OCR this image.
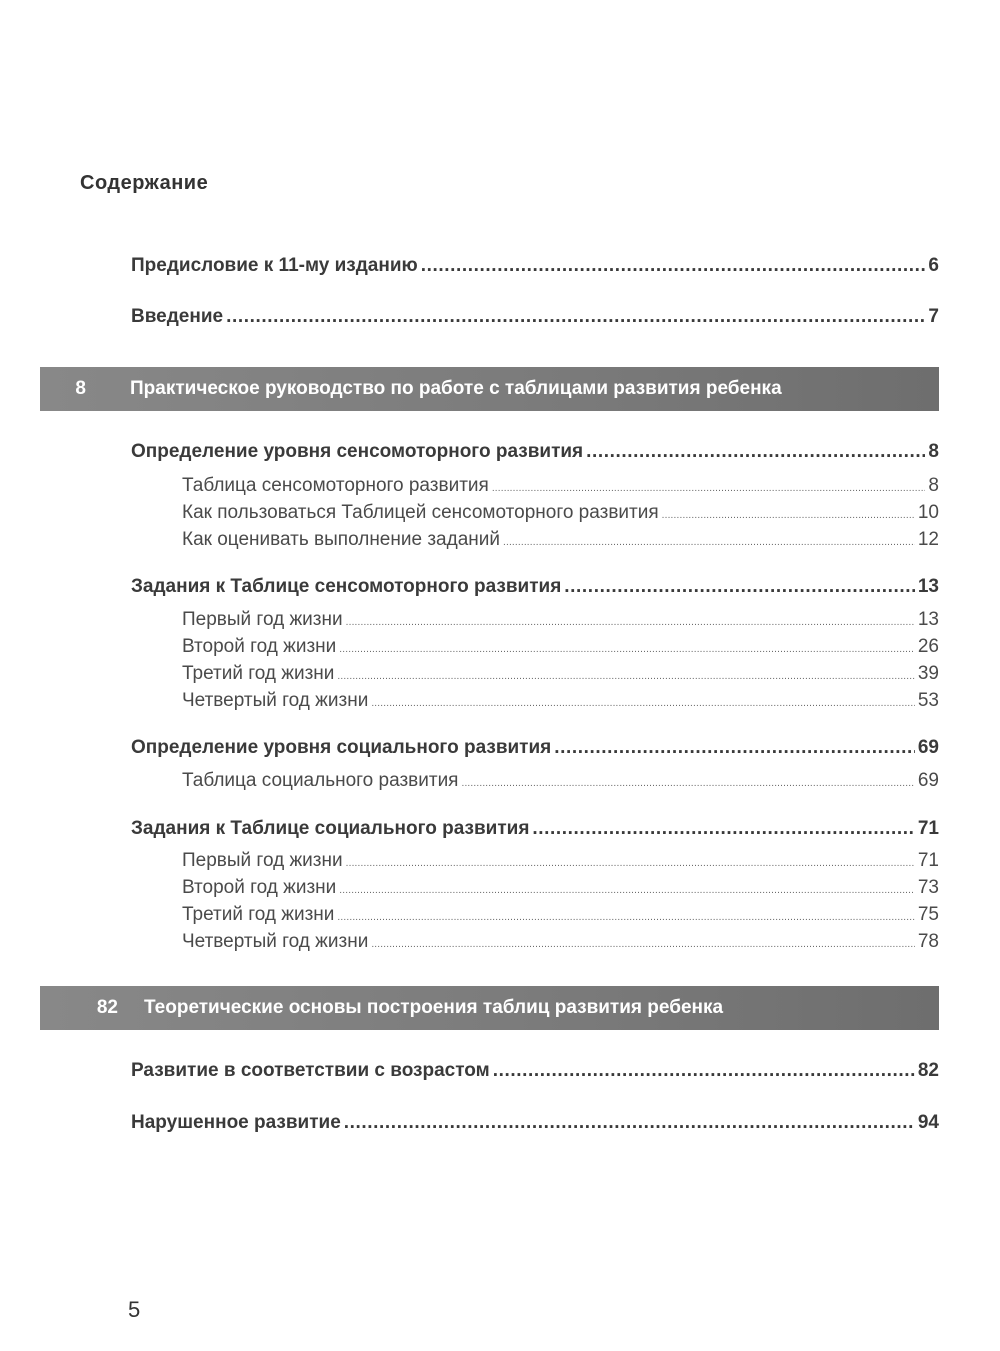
Содержание
Предисловие к 11-му изданию .....	6
Введение .....	7
8	Практическое руководство по работе с таблицами развития ребенка
Определение уровня сенсомоторного развития .....	8
Таблица сенсомоторного развития .....	8
Как пользоваться Таблицей сенсомоторного развития .....	10
Как оценивать выполнение заданий .....	12
Задания к Таблице сенсомоторного развития .....	13
Первый год жизни .....	13
Второй год жизни .....	26
Третий год жизни .....	39
Четвертый год жизни .....	53
Определение уровня социального развития .....	69
Таблица социального развития .....	69
Задания к Таблице социального развития .....	71
Первый год жизни .....	71
Второй год жизни .....	73
Третий год жизни .....	75
Четвертый год жизни .....	78
82 Теоретические основы построения таблиц развития ребенка
Развитие в соответствии с возрастом .....	82
Нарушенное развитие .....	94
5
